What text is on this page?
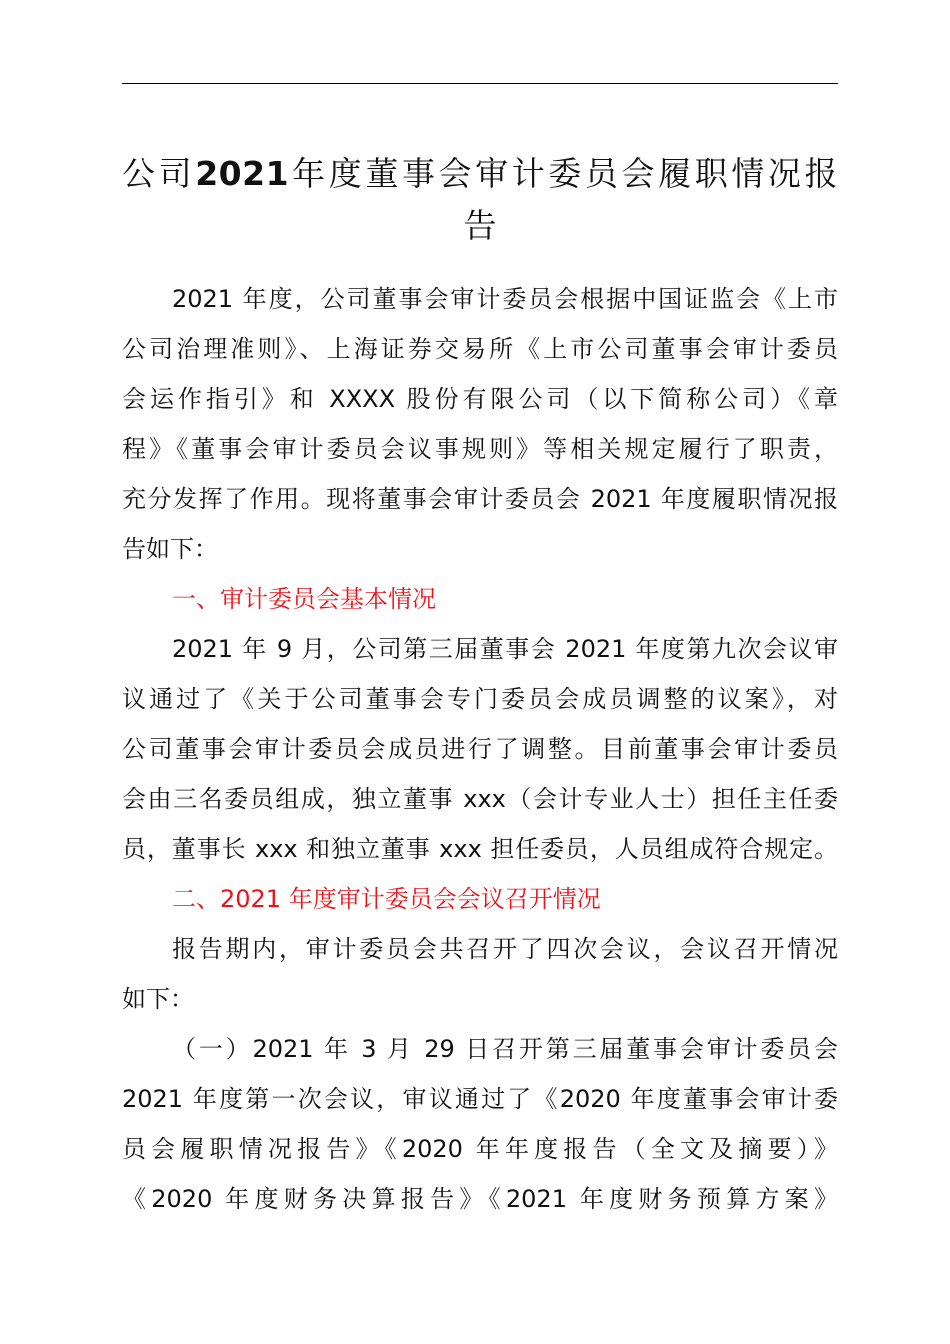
公司2021年度董事会审计委员会履职情况报
告
2021 年度，公司董事会审计委员会根据中国证监会《上市
公司治理准则》、上海证券交易所《上市公司董事会审计委员
会运作指引》和 XXXX 股份有限公司（以下简称公司）《章
程》《董事会审计委员会议事规则》等相关规定履行了职责，
充分发挥了作用。现将董事会审计委员会 2021 年度履职情况报
告如下：
一、审计委员会基本情况
2021 年 9 月，公司第三届董事会 2021 年度第九次会议审
议通过了《关于公司董事会专门委员会成员调整的议案》，对
公司董事会审计委员会成员进行了调整。目前董事会审计委员
会由三名委员组成，独立董事 xxx（会计专业人士）担任主任委
员，董事长 xxx 和独立董事 xxx 担任委员，人员组成符合规定。
二、2021 年度审计委员会会议召开情况
报告期内，审计委员会共召开了四次会议，会议召开情况
如下：
（一）2021 年 3 月 29 日召开第三届董事会审计委员会
2021 年度第一次会议，审议通过了《2020 年度董事会审计委
员会履职情况报告》《2020 年年度报告（全文及摘要）》
《2020 年度财务决算报告》《2021 年度财务预算方案》
